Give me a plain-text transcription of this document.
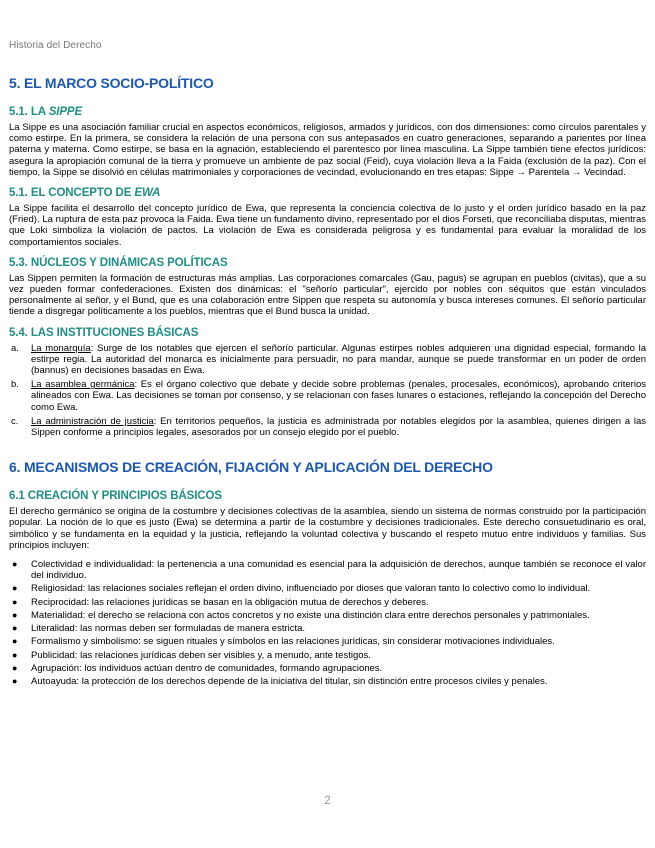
Historia del Derecho
5. EL MARCO SOCIO-POLÍTICO
5.1. LA SIPPE

La Sippe es una asociación familiar crucial en aspectos económicos, religiosos, armados y jurídicos, con dos dimensiones: como círculos parentales y como estirpe. En la primera, se considera la relación de una persona con sus antepasados en cuatro generaciones, separando a parientes por línea paterna y materna. Como estirpe, se basa en la agnación, estableciendo el parentesco por línea masculina. La Sippe también tiene efectos jurídicos: asegura la apropiación comunal de la tierra y promueve un ambiente de paz social (Feid), cuya violación lleva a la Faida (exclusión de la paz). Con el tiempo, la Sippe se disolvió en células matrimoniales y corporaciones de vecindad, evolucionando en tres etapas: Sippe → Parentela → Vecindad.

5.1. EL CONCEPTO DE EWA

La Sippe facilita el desarrollo del concepto jurídico de Ewa, que representa la conciencia colectiva de lo justo y el orden jurídico basado en la paz (Fried). La ruptura de esta paz provoca la Faida. Ewa tiene un fundamento divino, representado por el dios Forseti, que reconciliaba disputas, mientras que Loki simboliza la violación de pactos. La violación de Ewa es considerada peligrosa y es fundamental para evaluar la moralidad de los comportamientos sociales.

5.3. NÚCLEOS Y DINÁMICAS POLÍTICAS

Las Sippen permiten la formación de estructuras más amplias. Las corporaciones comarcales (Gau, pagus) se agrupan en pueblos (civitas), que a su vez pueden formar confederaciones. Existen dos dinámicas: el "señorío particular", ejercido por nobles con séquitos que están vinculados personalmente al señor, y el Bund, que es una colaboración entre Sippen que respeta su autonomía y busca intereses comunes. El señorío particular tiende a disgregar políticamente a los pueblos, mientras que el Bund busca la unidad.

5.4. LAS INSTITUCIONES BÁSICAS
a. La monarquía: Surge de los notables que ejercen el señorío particular. Algunas estirpes nobles adquieren una dignidad especial, formando la estirpe regia. La autoridad del monarca es inicialmente para persuadir, no para mandar, aunque se puede transformar en un poder de orden (bannus) en decisiones basadas en Ewa.
b. La asamblea germánica: Es el órgano colectivo que debate y decide sobre problemas (penales, procesales, económicos), aprobando criterios alineados con Ewa. Las decisiones se toman por consenso, y se relacionan con fases lunares o estaciones, reflejando la concepción del Derecho como Ewa.
c. La administración de justicia: En territorios pequeños, la justicia es administrada por notables elegidos por la asamblea, quienes dirigen a las Sippen conforme a principios legales, asesorados por un consejo elegido por el pueblo.
6. MECANISMOS DE CREACIÓN, FIJACIÓN Y APLICACIÓN DEL DERECHO
6.1 CREACIÓN Y PRINCIPIOS BÁSICOS

El derecho germánico se origina de la costumbre y decisiones colectivas de la asamblea, siendo un sistema de normas construido por la participación popular. La noción de lo que es justo (Ewa) se determina a partir de la costumbre y decisiones tradicionales. Este derecho consuetudinario es oral, simbólico y se fundamenta en la equidad y la justicia, reflejando la voluntad colectiva y buscando el respeto mutuo entre individuos y familias. Sus principios incluyen:

● Colectividad e individualidad: la pertenencia a una comunidad es esencial para la adquisición de derechos, aunque también se reconoce el valor del individuo.
● Religiosidad: las relaciones sociales reflejan el orden divino, influenciado por dioses que valoran tanto lo colectivo como lo individual.
● Reciprocidad: las relaciones jurídicas se basan en la obligación mutua de derechos y deberes.
● Materialidad: el derecho se relaciona con actos concretos y no existe una distinción clara entre derechos personales y patrimoniales.
● Literalidad: las normas deben ser formuladas de manera estricta.
● Formalismo y simbolismo: se siguen rituales y símbolos en las relaciones jurídicas, sin considerar motivaciones individuales.
● Publicidad: las relaciones jurídicas deben ser visibles y, a menudo, ante testigos.
● Agrupación: los individuos actúan dentro de comunidades, formando agrupaciones.
● Autoayuda: la protección de los derechos depende de la iniciativa del titular, sin distinción entre procesos civiles y penales.
2
